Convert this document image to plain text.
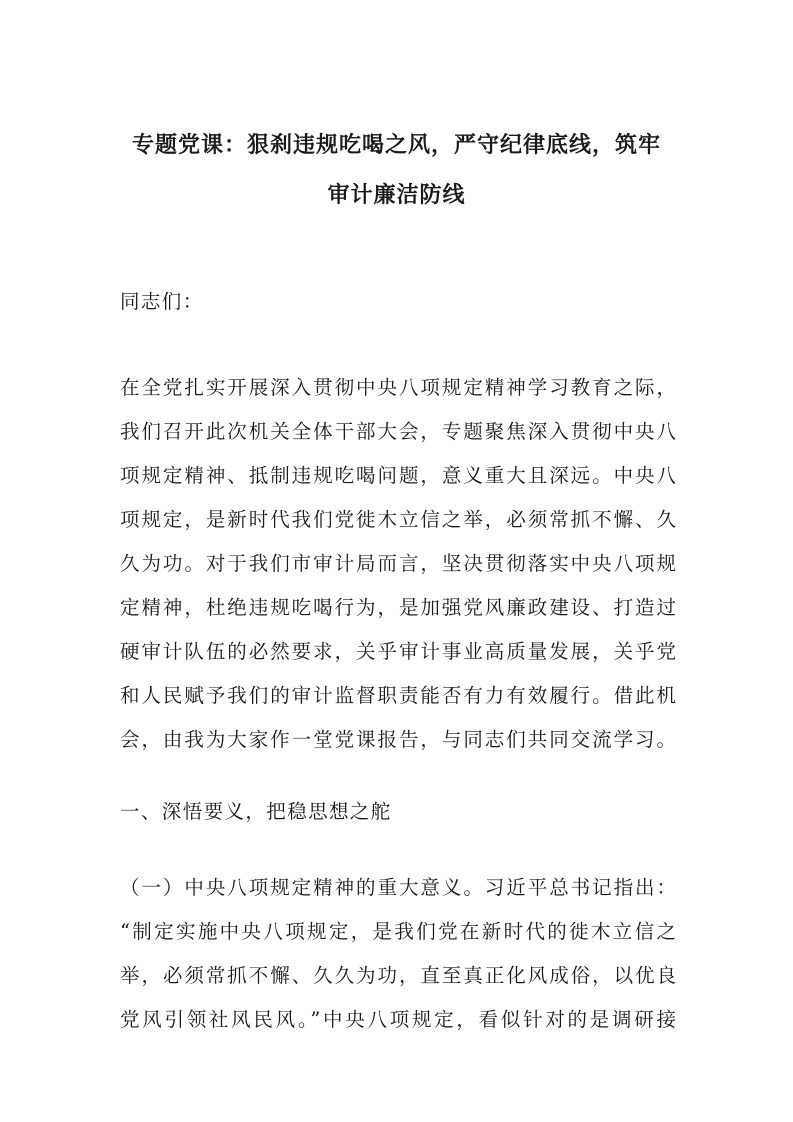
专题党课：狠刹违规吃喝之风，严守纪律底线，筑牢
审计廉洁防线
同志们：
在全党扎实开展深入贯彻中央八项规定精神学习教育之际，
我们召开此次机关全体干部大会，专题聚焦深入贯彻中央八
项规定精神、抵制违规吃喝问题，意义重大且深远。中央八
项规定，是新时代我们党徙木立信之举，必须常抓不懈、久
久为功。对于我们市审计局而言，坚决贯彻落实中央八项规
定精神，杜绝违规吃喝行为，是加强党风廉政建设、打造过
硬审计队伍的必然要求，关乎审计事业高质量发展，关乎党
和人民赋予我们的审计监督职责能否有力有效履行。借此机
会，由我为大家作一堂党课报告，与同志们共同交流学习。
一、深悟要义，把稳思想之舵
（一）中央八项规定精神的重大意义。习近平总书记指出：
“制定实施中央八项规定，是我们党在新时代的徙木立信之
举，必须常抓不懈、久久为功，直至真正化风成俗，以优良
党风引领社风民风。”中央八项规定，看似针对的是调研接
